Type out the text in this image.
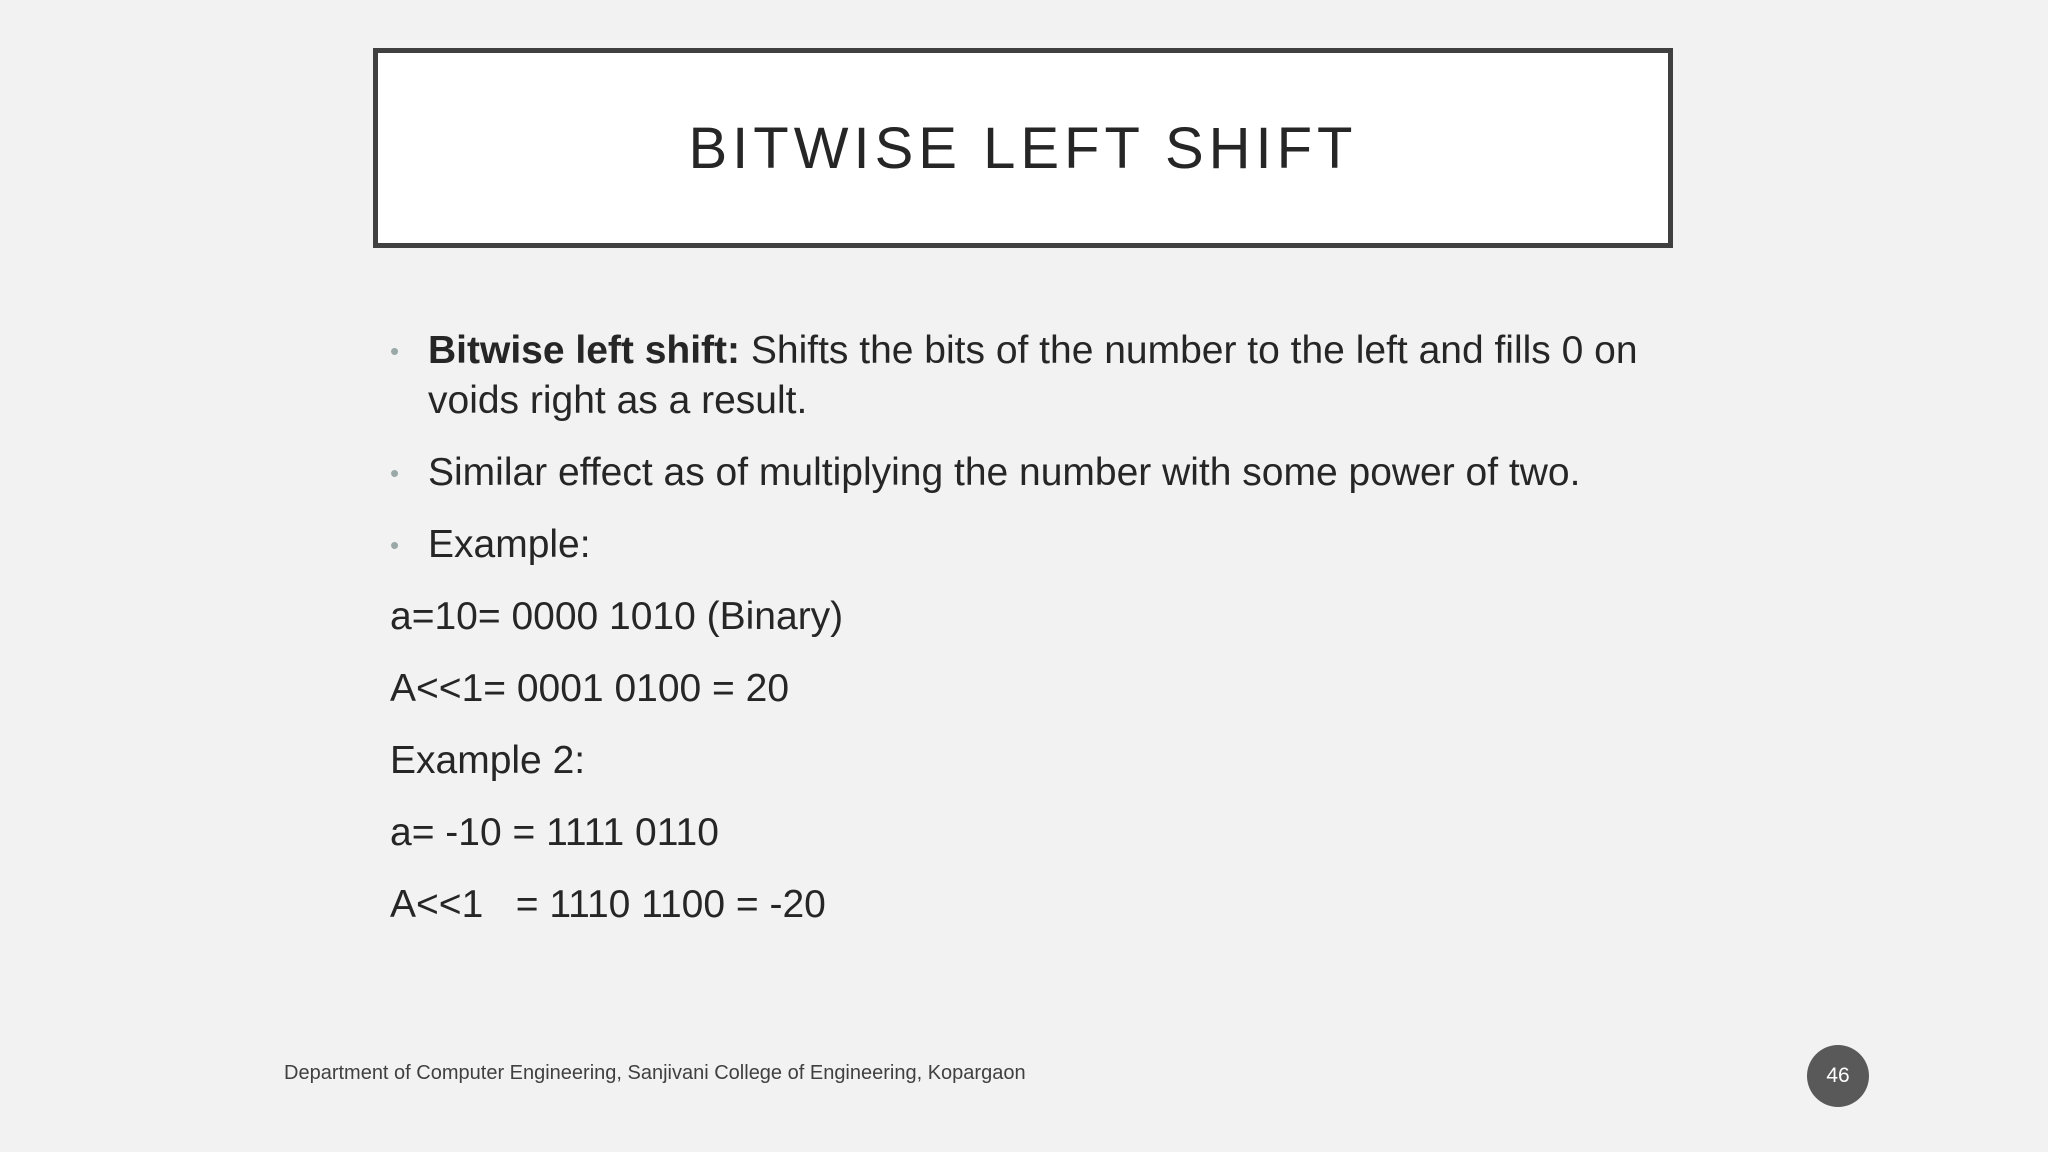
BITWISE LEFT SHIFT
• Bitwise left shift: Shifts the bits of the number to the left and fills 0 on voids right as a result.
• Similar effect as of multiplying the number with some power of two.
• Example:
a=10= 0000 1010 (Binary)
A<<1= 0001 0100 = 20
Example 2:
a= -10 = 1111 0110
A<<1   = 1110 1100 = -20
Department of Computer Engineering, Sanjivani College of Engineering, Kopargaon	46
